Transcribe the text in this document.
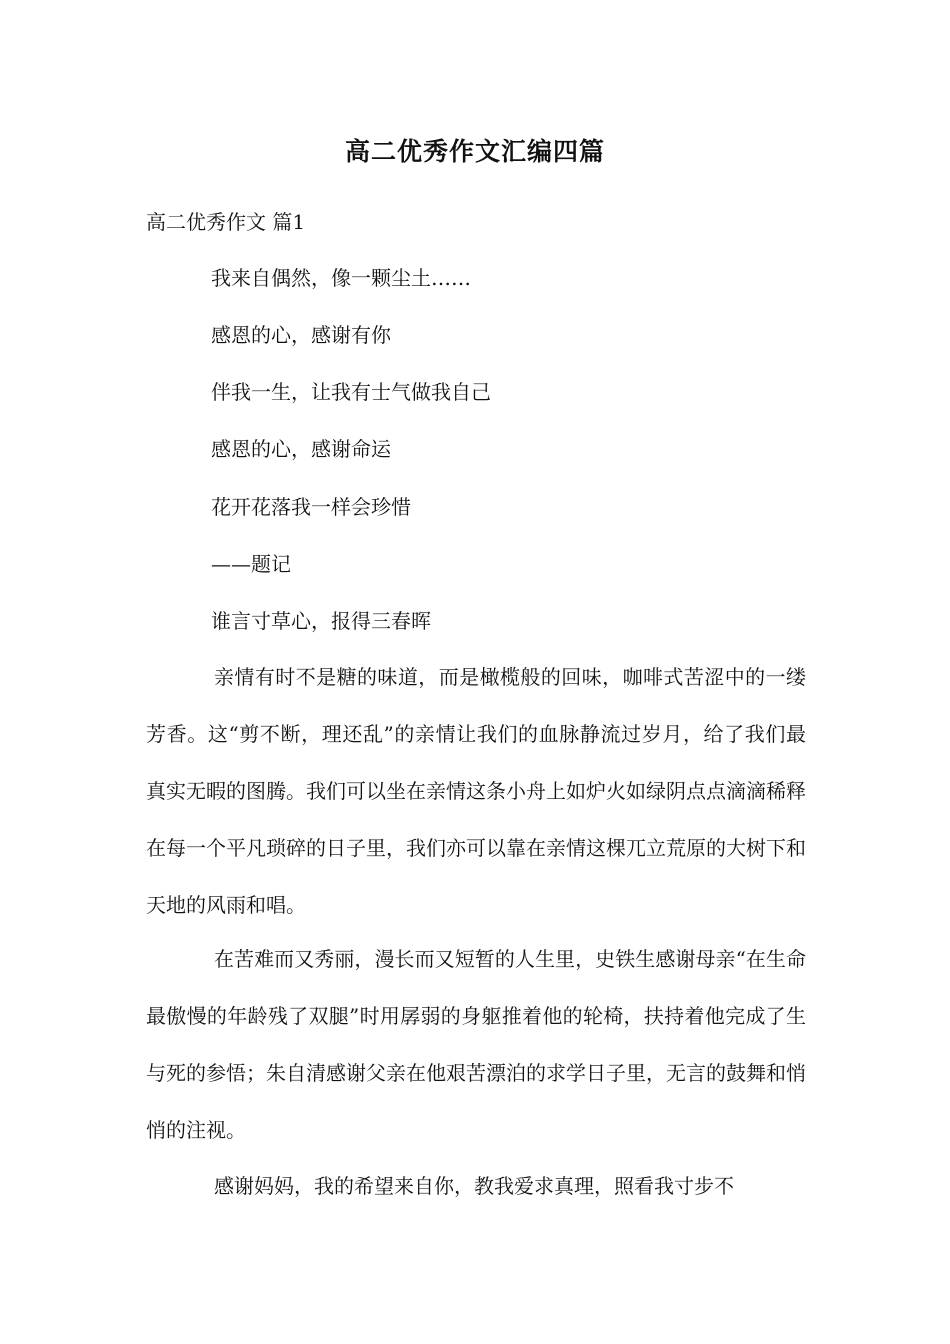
高二优秀作文汇编四篇
高二优秀作文 篇1
我来自偶然，像一颗尘土……
感恩的心，感谢有你
伴我一生，让我有士气做我自己
感恩的心，感谢命运
花开花落我一样会珍惜
——题记
谁言寸草心，报得三春晖

亲情有时不是糖的味道，而是橄榄般的回味，咖啡式苦涩中的一缕芳香。这“剪不断，理还乱”的亲情让我们的血脉静流过岁月，给了我们最真实无暇的图腾。我们可以坐在亲情这条小舟上如炉火如绿阴点点滴滴稀释在每一个平凡琐碎的日子里，我们亦可以靠在亲情这棵兀立荒原的大树下和天地的风雨和唱。

在苦难而又秀丽，漫长而又短暂的人生里，史铁生感谢母亲“在生命最傲慢的年龄残了双腿”时用孱弱的身躯推着他的轮椅，扶持着他完成了生与死的参悟；朱自清感谢父亲在他艰苦漂泊的求学日子里，无言的鼓舞和悄悄的注视。

感谢妈妈，我的希望来自你，教我爱求真理，照看我寸步不
